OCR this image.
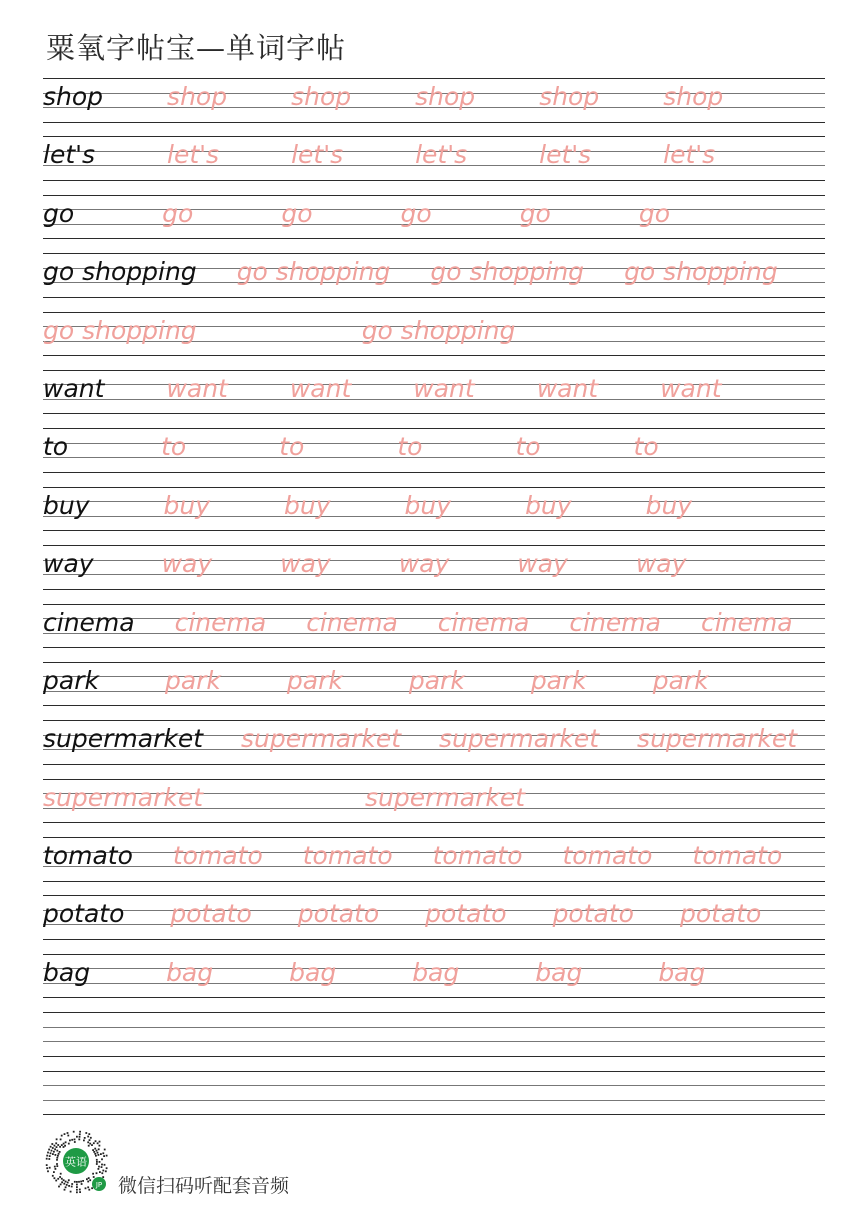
粟氧字帖宝—单词字帖
shop	shop	shop	shop	shop	shop
let's	let's	let's	let's	let's	let's
go	go	go	go	go	go
go shopping go shopping go shopping go shopping
go shopping	go shopping
want want want want want want
to	to	to	to	to	to
buy	buy	buy	buy	buy	buy
way	way	way	way	way	way
cinema cinema cinema cinema cinema cinema
park	park	park	park	park	park
supermarket supermarket supermarket supermarket
supermarket	supermarket
tomato tomato tomato tomato tomato tomato
potato potato potato potato potato potato
bag	bag	bag	bag	bag	bag
英语
JP 微信扫码听配套音频
